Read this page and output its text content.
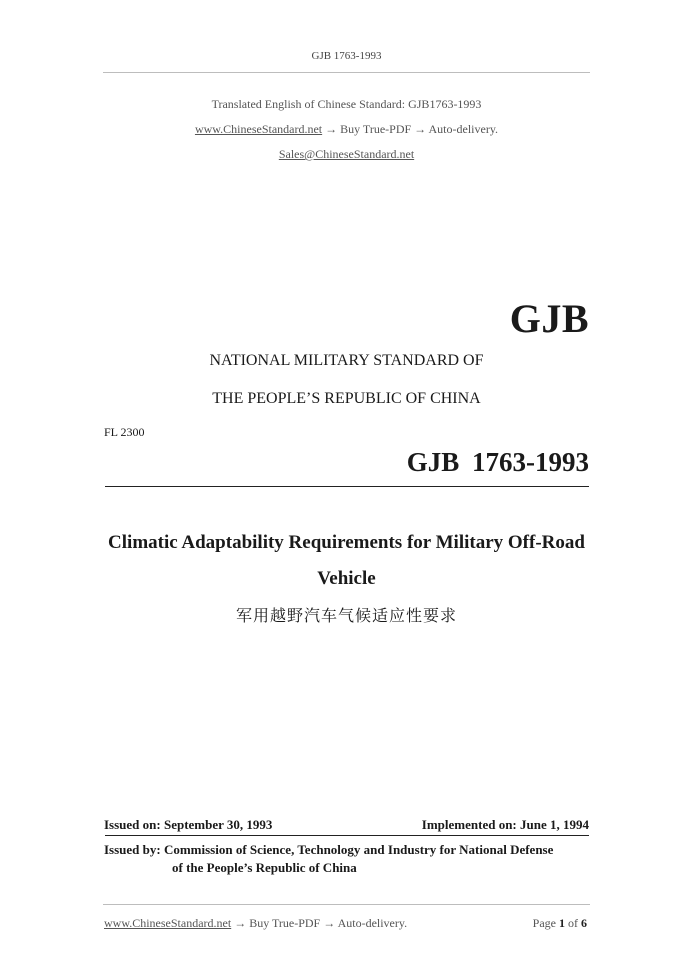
GJB 1763-1993
Translated English of Chinese Standard: GJB1763-1993
www.ChineseStandard.net → Buy True-PDF → Auto-delivery.
Sales@ChineseStandard.net
GJB
NATIONAL MILITARY STANDARD OF
THE PEOPLE’S REPUBLIC OF CHINA
FL 2300
GJB 1763-1993
Climatic Adaptability Requirements for Military Off-Road
Vehicle
军用越野汽车气候适应性要求
Issued on: September 30, 1993	Implemented on: June 1, 1994
Issued by: Commission of Science, Technology and Industry for National Defense
of the People’s Republic of China
www.ChineseStandard.net → Buy True-PDF → Auto-delivery.	Page 1 of 6
